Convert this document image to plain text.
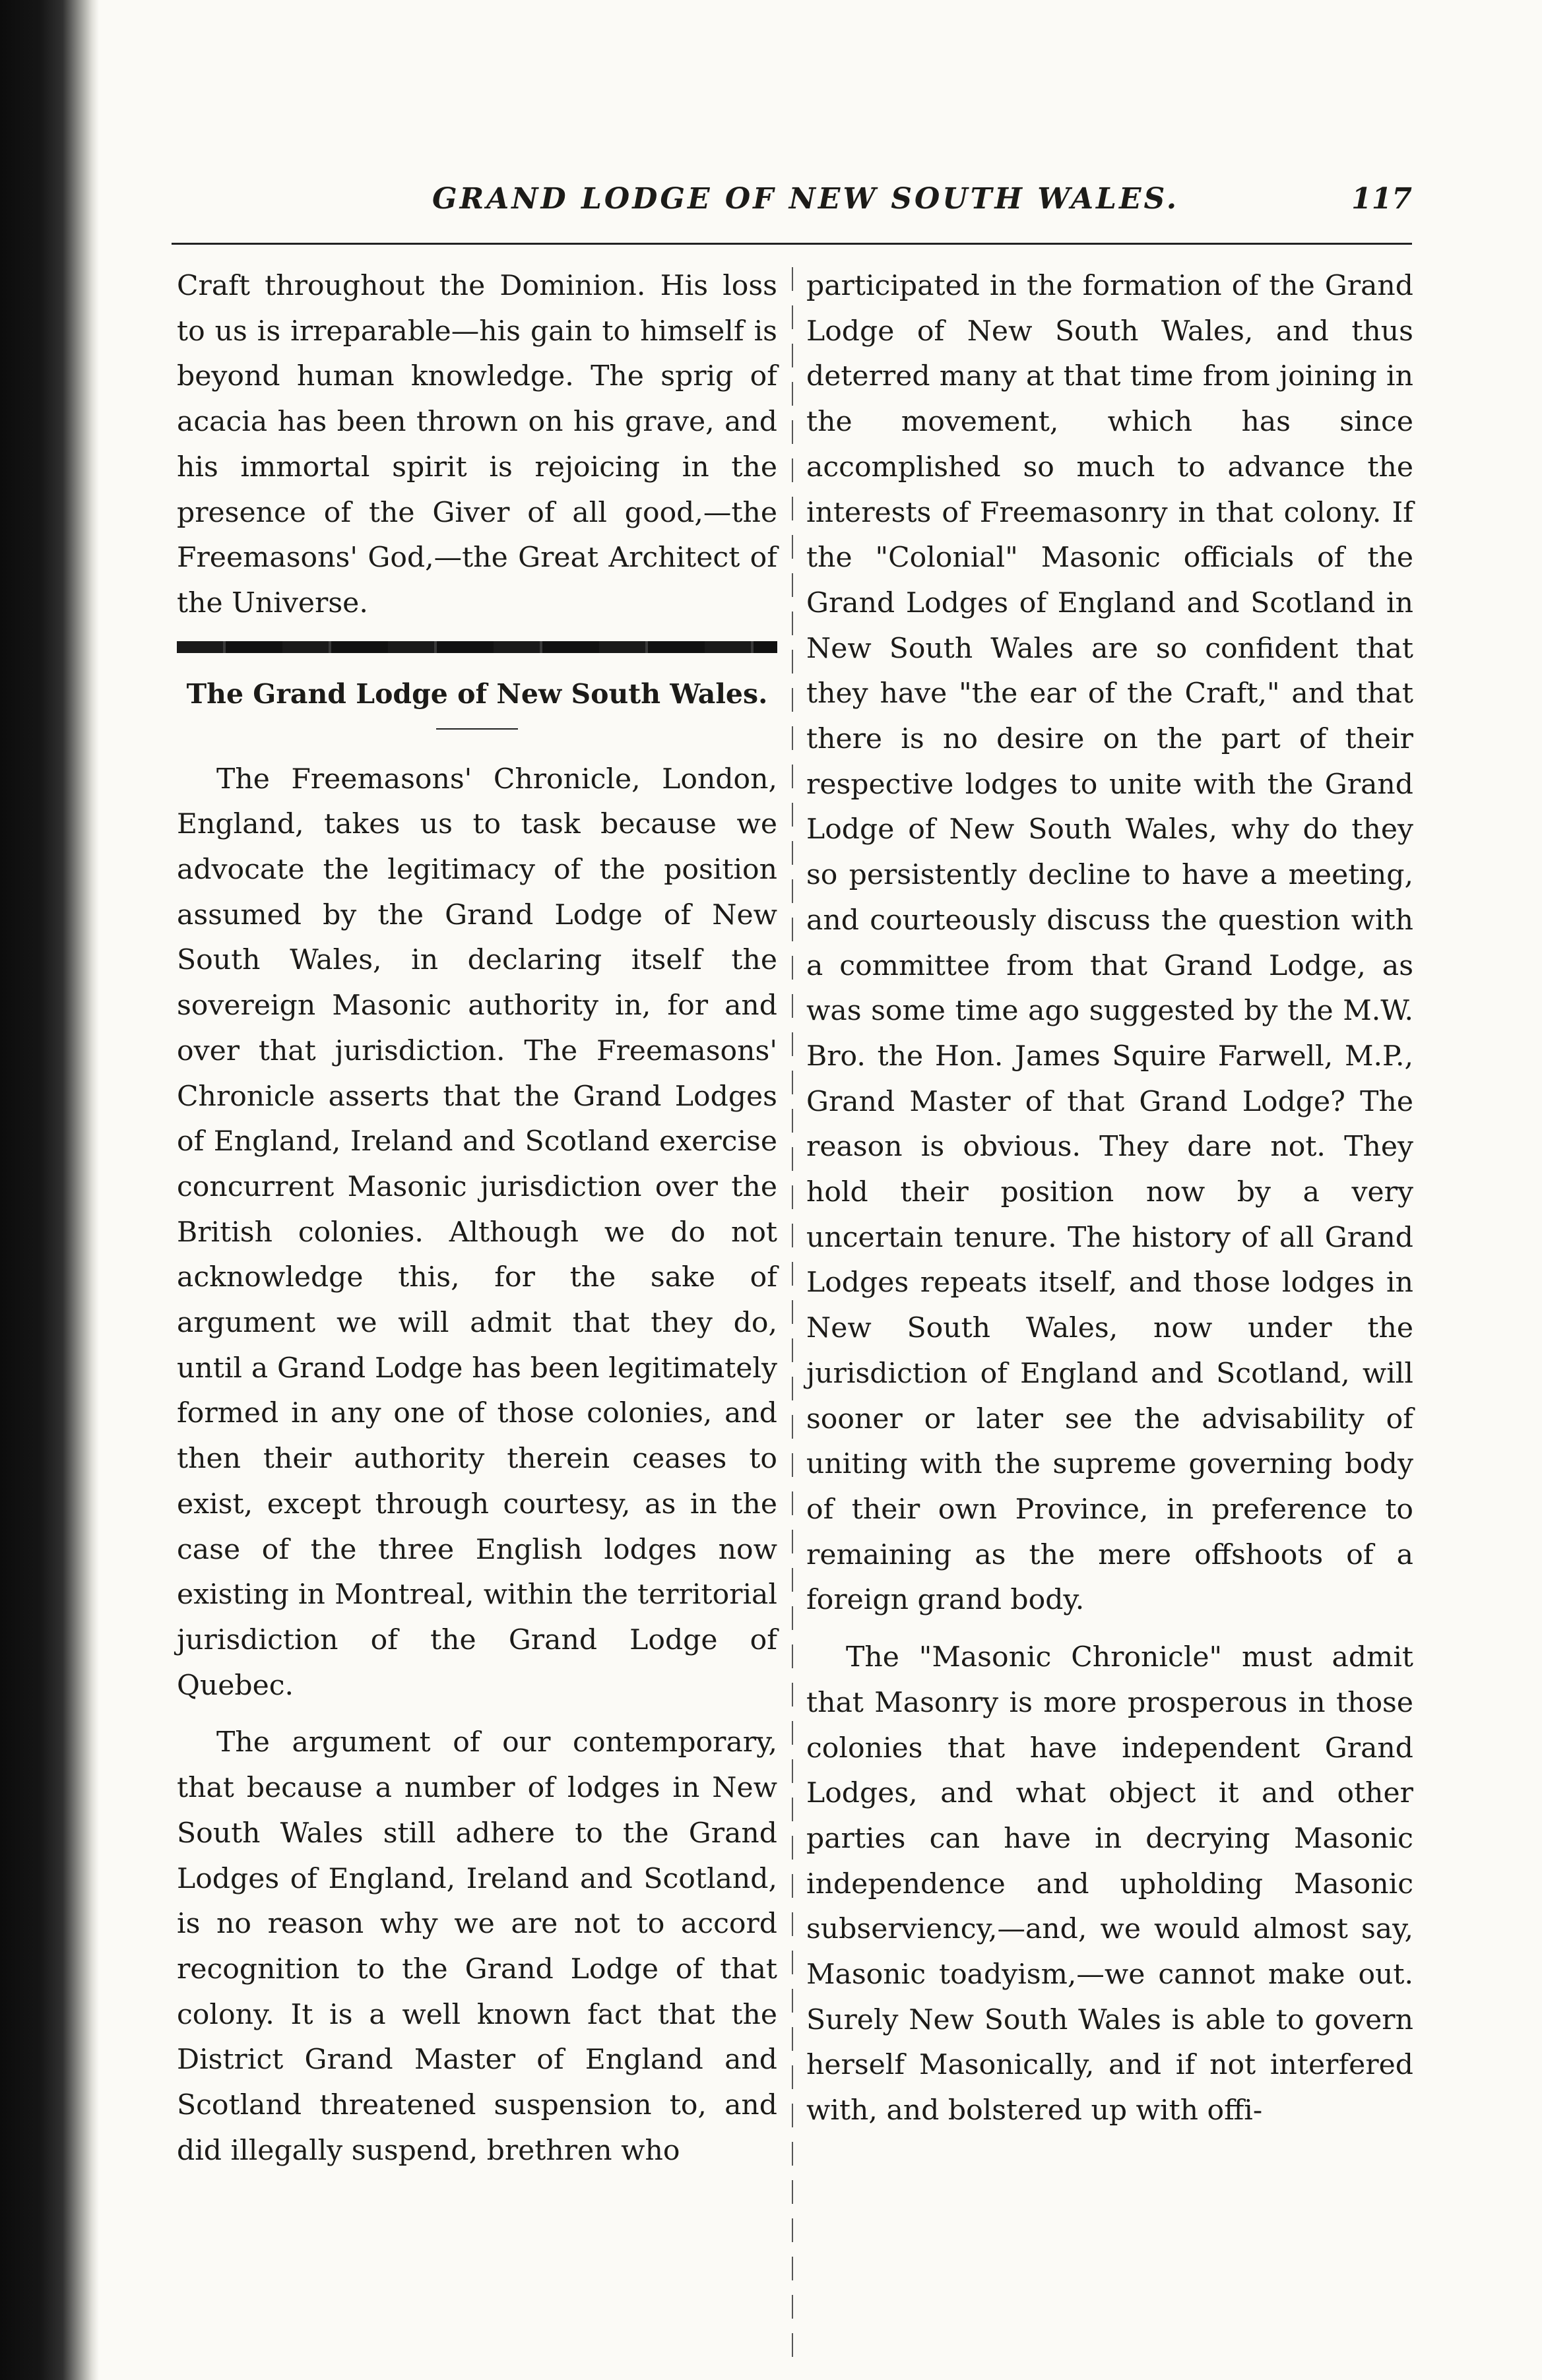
GRAND LODGE OF NEW SOUTH WALES.	117

Craft throughout the Dominion. His loss to us is irreparable—his gain to himself is beyond human knowledge. The sprig of acacia has been thrown on his grave, and his immortal spirit is rejoicing in the presence of the Giver of all good,—the Freemasons' God,—the Great Architect of the Universe.

The Grand Lodge of New South Wales.

The Freemasons' Chronicle, London, England, takes us to task because we advocate the legitimacy of the position assumed by the Grand Lodge of New South Wales, in declaring itself the sovereign Masonic authority in, for and over that jurisdiction. The Freemasons' Chronicle asserts that the Grand Lodges of England, Ireland and Scotland exercise concurrent Masonic jurisdiction over the British colonies. Although we do not acknowledge this, for the sake of argument we will admit that they do, until a Grand Lodge has been legitimately formed in any one of those colonies, and then their authority therein ceases to exist, except through courtesy, as in the case of the three English lodges now existing in Montreal, within the territorial jurisdiction of the Grand Lodge of Quebec.

The argument of our contemporary, that because a number of lodges in New South Wales still adhere to the Grand Lodges of England, Ireland and Scotland, is no reason why we are not to accord recognition to the Grand Lodge of that colony. It is a well known fact that the District Grand Master of England and Scotland threatened suspension to, and did illegally suspend, brethren who

participated in the formation of the Grand Lodge of New South Wales, and thus deterred many at that time from joining in the movement, which has since accomplished so much to advance the interests of Freemasonry in that colony. If the "Colonial" Masonic officials of the Grand Lodges of England and Scotland in New South Wales are so confident that they have "the ear of the Craft," and that there is no desire on the part of their respective lodges to unite with the Grand Lodge of New South Wales, why do they so persistently decline to have a meeting, and courteously discuss the question with a committee from that Grand Lodge, as was some time ago suggested by the M.W. Bro. the Hon. James Squire Farwell, M.P., Grand Master of that Grand Lodge? The reason is obvious. They dare not. They hold their position now by a very uncertain tenure. The history of all Grand Lodges repeats itself, and those lodges in New South Wales, now under the jurisdiction of England and Scotland, will sooner or later see the advisability of uniting with the supreme governing body of their own Province, in preference to remaining as the mere offshoots of a foreign grand body.

The "Masonic Chronicle" must admit that Masonry is more prosperous in those colonies that have independent Grand Lodges, and what object it and other parties can have in decrying Masonic independence and upholding Masonic subserviency,—and, we would almost say, Masonic toadyism,—we cannot make out. Surely New South Wales is able to govern herself Masonically, and if not interfered with, and bolstered up with offi-
